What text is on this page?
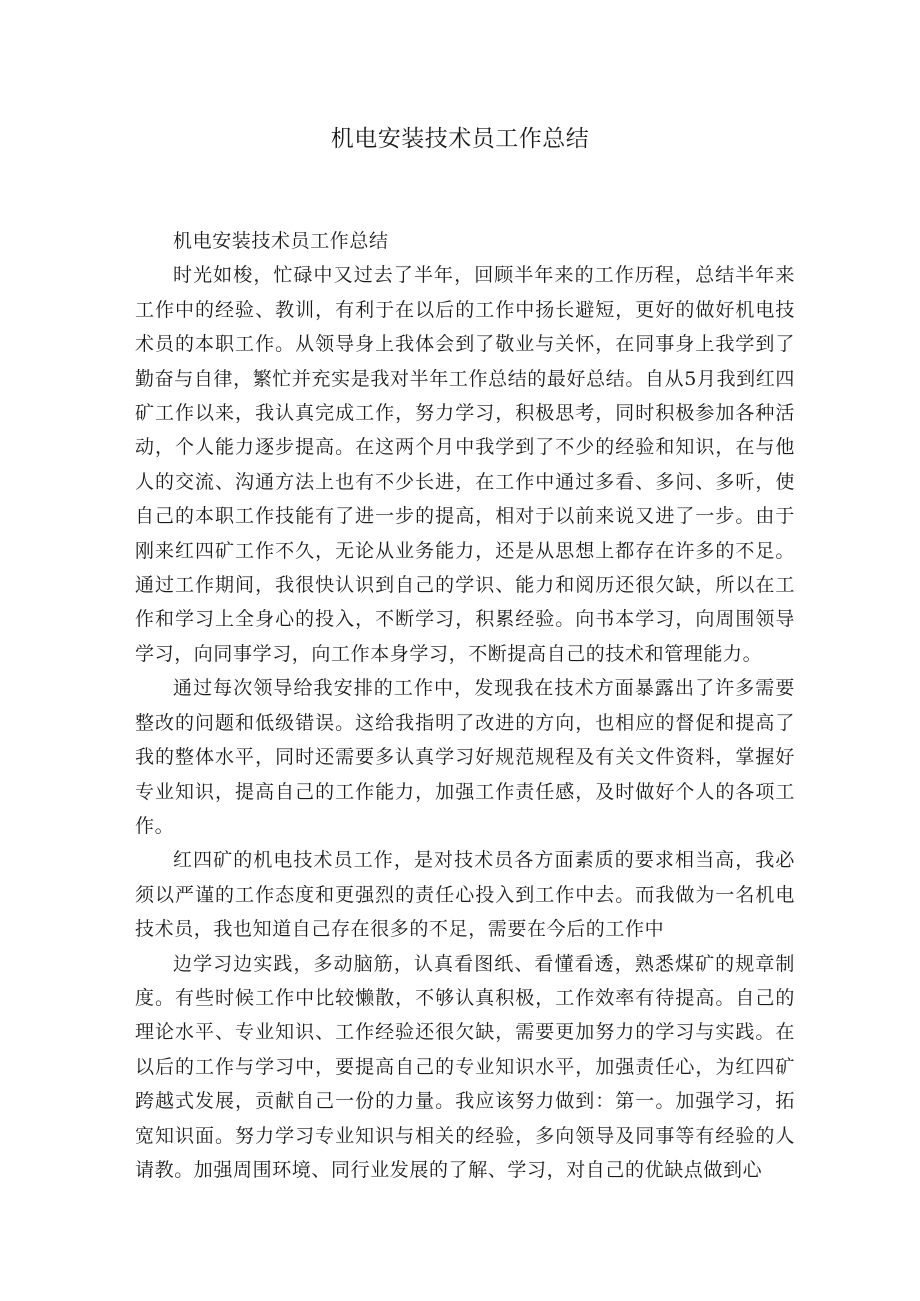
机电安装技术员工作总结

机电安装技术员工作总结

时光如梭，忙碌中又过去了半年，回顾半年来的工作历程，总结半年来工作中的经验、教训，有利于在以后的工作中扬长避短，更好的做好机电技术员的本职工作。从领导身上我体会到了敬业与关怀，在同事身上我学到了勤奋与自律，繁忙并充实是我对半年工作总结的最好总结。自从5月我到红四矿工作以来，我认真完成工作，努力学习，积极思考，同时积极参加各种活动，个人能力逐步提高。在这两个月中我学到了不少的经验和知识，在与他人的交流、沟通方法上也有不少长进，在工作中通过多看、多问、多听，使自己的本职工作技能有了进一步的提高，相对于以前来说又进了一步。由于刚来红四矿工作不久，无论从业务能力，还是从思想上都存在许多的不足。通过工作期间，我很快认识到自己的学识、能力和阅历还很欠缺，所以在工作和学习上全身心的投入，不断学习，积累经验。向书本学习，向周围领导学习，向同事学习，向工作本身学习，不断提高自己的技术和管理能力。

通过每次领导给我安排的工作中，发现我在技术方面暴露出了许多需要整改的问题和低级错误。这给我指明了改进的方向，也相应的督促和提高了我的整体水平，同时还需要多认真学习好规范规程及有关文件资料，掌握好专业知识，提高自己的工作能力，加强工作责任感，及时做好个人的各项工作。

红四矿的机电技术员工作，是对技术员各方面素质的要求相当高，我必须以严谨的工作态度和更强烈的责任心投入到工作中去。而我做为一名机电技术员，我也知道自己存在很多的不足，需要在今后的工作中

边学习边实践，多动脑筋，认真看图纸、看懂看透，熟悉煤矿的规章制度。有些时候工作中比较懒散，不够认真积极，工作效率有待提高。自己的理论水平、专业知识、工作经验还很欠缺，需要更加努力的学习与实践。在以后的工作与学习中，要提高自己的专业知识水平，加强责任心，为红四矿跨越式发展，贡献自己一份的力量。我应该努力做到：第一。加强学习，拓宽知识面。努力学习专业知识与相关的经验，多向领导及同事等有经验的人请教。加强周围环境、同行业发展的了解、学习，对自己的优缺点做到心
